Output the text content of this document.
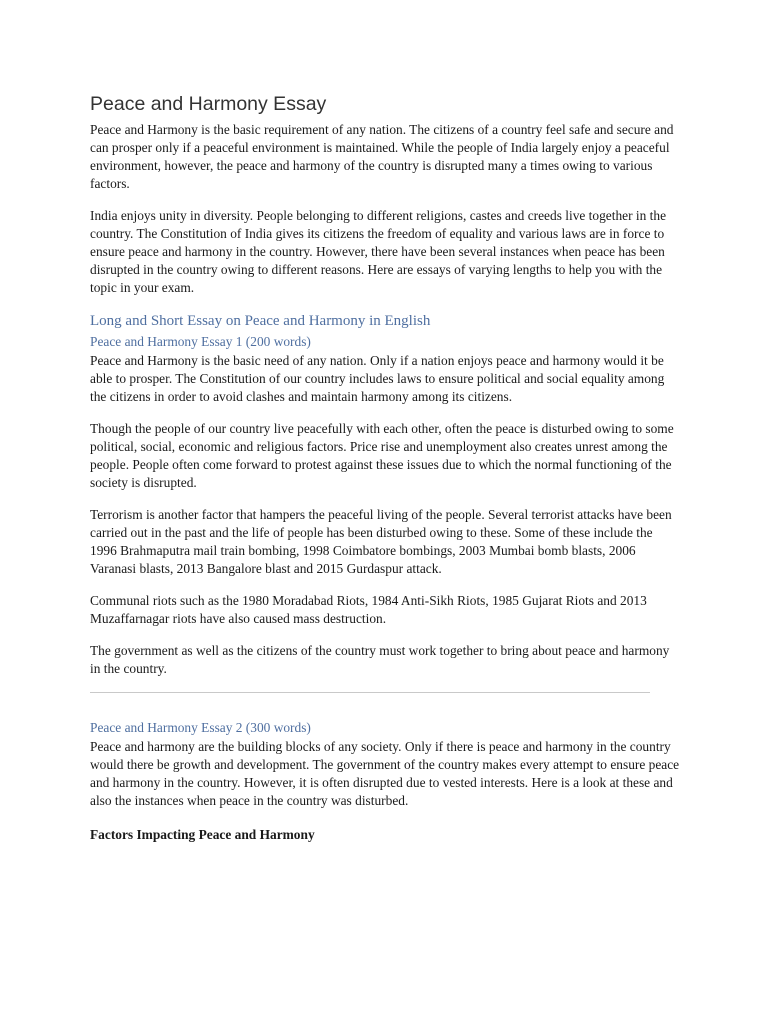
Peace and Harmony Essay

Peace and Harmony is the basic requirement of any nation. The citizens of a country feel safe and secure and can prosper only if a peaceful environment is maintained. While the people of India largely enjoy a peaceful environment, however, the peace and harmony of the country is disrupted many a times owing to various factors.

India enjoys unity in diversity. People belonging to different religions, castes and creeds live together in the country. The Constitution of India gives its citizens the freedom of equality and various laws are in force to ensure peace and harmony in the country. However, there have been several instances when peace has been disrupted in the country owing to different reasons. Here are essays of varying lengths to help you with the topic in your exam.

Long and Short Essay on Peace and Harmony in English
Peace and Harmony Essay 1 (200 words)

Peace and Harmony is the basic need of any nation. Only if a nation enjoys peace and harmony would it be able to prosper. The Constitution of our country includes laws to ensure political and social equality among the citizens in order to avoid clashes and maintain harmony among its citizens.

Though the people of our country live peacefully with each other, often the peace is disturbed owing to some political, social, economic and religious factors. Price rise and unemployment also creates unrest among the people. People often come forward to protest against these issues due to which the normal functioning of the society is disrupted.

Terrorism is another factor that hampers the peaceful living of the people. Several terrorist attacks have been carried out in the past and the life of people has been disturbed owing to these. Some of these include the 1996 Brahmaputra mail train bombing, 1998 Coimbatore bombings, 2003 Mumbai bomb blasts, 2006 Varanasi blasts, 2013 Bangalore blast and 2015 Gurdaspur attack.

Communal riots such as the 1980 Moradabad Riots, 1984 Anti-Sikh Riots, 1985 Gujarat Riots and 2013 Muzaffarnagar riots have also caused mass destruction.

The government as well as the citizens of the country must work together to bring about peace and harmony in the country.

Peace and Harmony Essay 2 (300 words)

Peace and harmony are the building blocks of any society. Only if there is peace and harmony in the country would there be growth and development. The government of the country makes every attempt to ensure peace and harmony in the country. However, it is often disrupted due to vested interests. Here is a look at these and also the instances when peace in the country was disturbed.

Factors Impacting Peace and Harmony
